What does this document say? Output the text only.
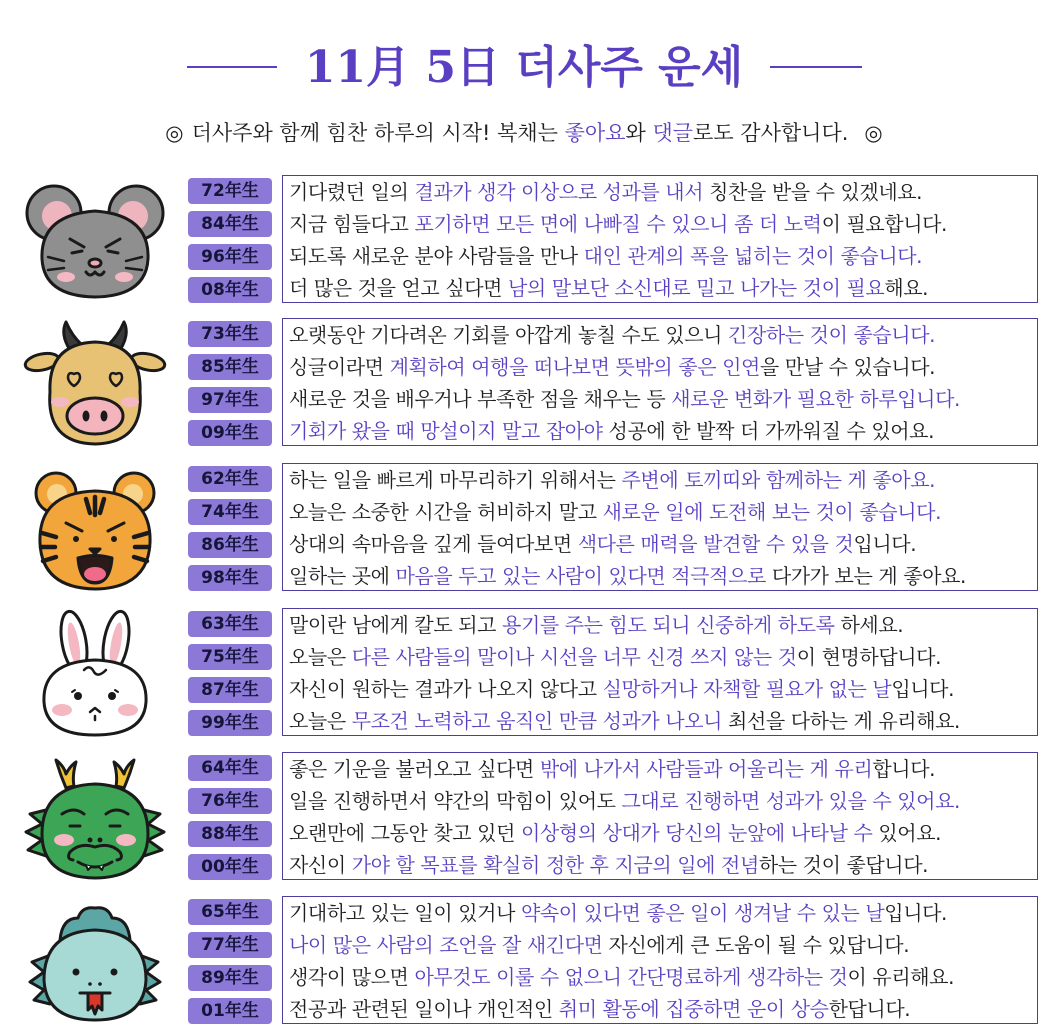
11月 5日 더사주 운세
◎ 더사주와 함께 힘찬 하루의 시작! 복채는 좋아요와 댓글로도 감사합니다. ◎
72年生
84年生
96年生
08年生
기다렸던 일의 결과가 생각 이상으로 성과를 내서 칭찬을 받을 수 있겠네요.
지금 힘들다고 포기하면 모든 면에 나빠질 수 있으니 좀 더 노력이 필요합니다.
되도록 새로운 분야 사람들을 만나 대인 관계의 폭을 넓히는 것이 좋습니다.
더 많은 것을 얻고 싶다면 남의 말보단 소신대로 밀고 나가는 것이 필요해요.
73年生
85年生
97年生
09年生
오랫동안 기다려온 기회를 아깝게 놓칠 수도 있으니 긴장하는 것이 좋습니다.
싱글이라면 계획하여 여행을 떠나보면 뜻밖의 좋은 인연을 만날 수 있습니다.
새로운 것을 배우거나 부족한 점을 채우는 등 새로운 변화가 필요한 하루입니다.
기회가 왔을 때 망설이지 말고 잡아야 성공에 한 발짝 더 가까워질 수 있어요.
62年生
74年生
86年生
98年生
하는 일을 빠르게 마무리하기 위해서는 주변에 토끼띠와 함께하는 게 좋아요.
오늘은 소중한 시간을 허비하지 말고 새로운 일에 도전해 보는 것이 좋습니다.
상대의 속마음을 깊게 들여다보면 색다른 매력을 발견할 수 있을 것입니다.
일하는 곳에 마음을 두고 있는 사람이 있다면 적극적으로 다가가 보는 게 좋아요.
63年生
75年生
87年生
99年生
말이란 남에게 칼도 되고 용기를 주는 힘도 되니 신중하게 하도록 하세요.
오늘은 다른 사람들의 말이나 시선을 너무 신경 쓰지 않는 것이 현명하답니다.
자신이 원하는 결과가 나오지 않다고 실망하거나 자책할 필요가 없는 날입니다.
오늘은 무조건 노력하고 움직인 만큼 성과가 나오니 최선을 다하는 게 유리해요.
64年生
76年生
88年生
00年生
좋은 기운을 불러오고 싶다면 밖에 나가서 사람들과 어울리는 게 유리합니다.
일을 진행하면서 약간의 막힘이 있어도 그대로 진행하면 성과가 있을 수 있어요.
오랜만에 그동안 찾고 있던 이상형의 상대가 당신의 눈앞에 나타날 수 있어요.
자신이 가야 할 목표를 확실히 정한 후 지금의 일에 전념하는 것이 좋답니다.
65年生
77年生
89年生
01年生
기대하고 있는 일이 있거나 약속이 있다면 좋은 일이 생겨날 수 있는 날입니다.
나이 많은 사람의 조언을 잘 새긴다면 자신에게 큰 도움이 될 수 있답니다.
생각이 많으면 아무것도 이룰 수 없으니 간단명료하게 생각하는 것이 유리해요.
전공과 관련된 일이나 개인적인 취미 활동에 집중하면 운이 상승한답니다.
